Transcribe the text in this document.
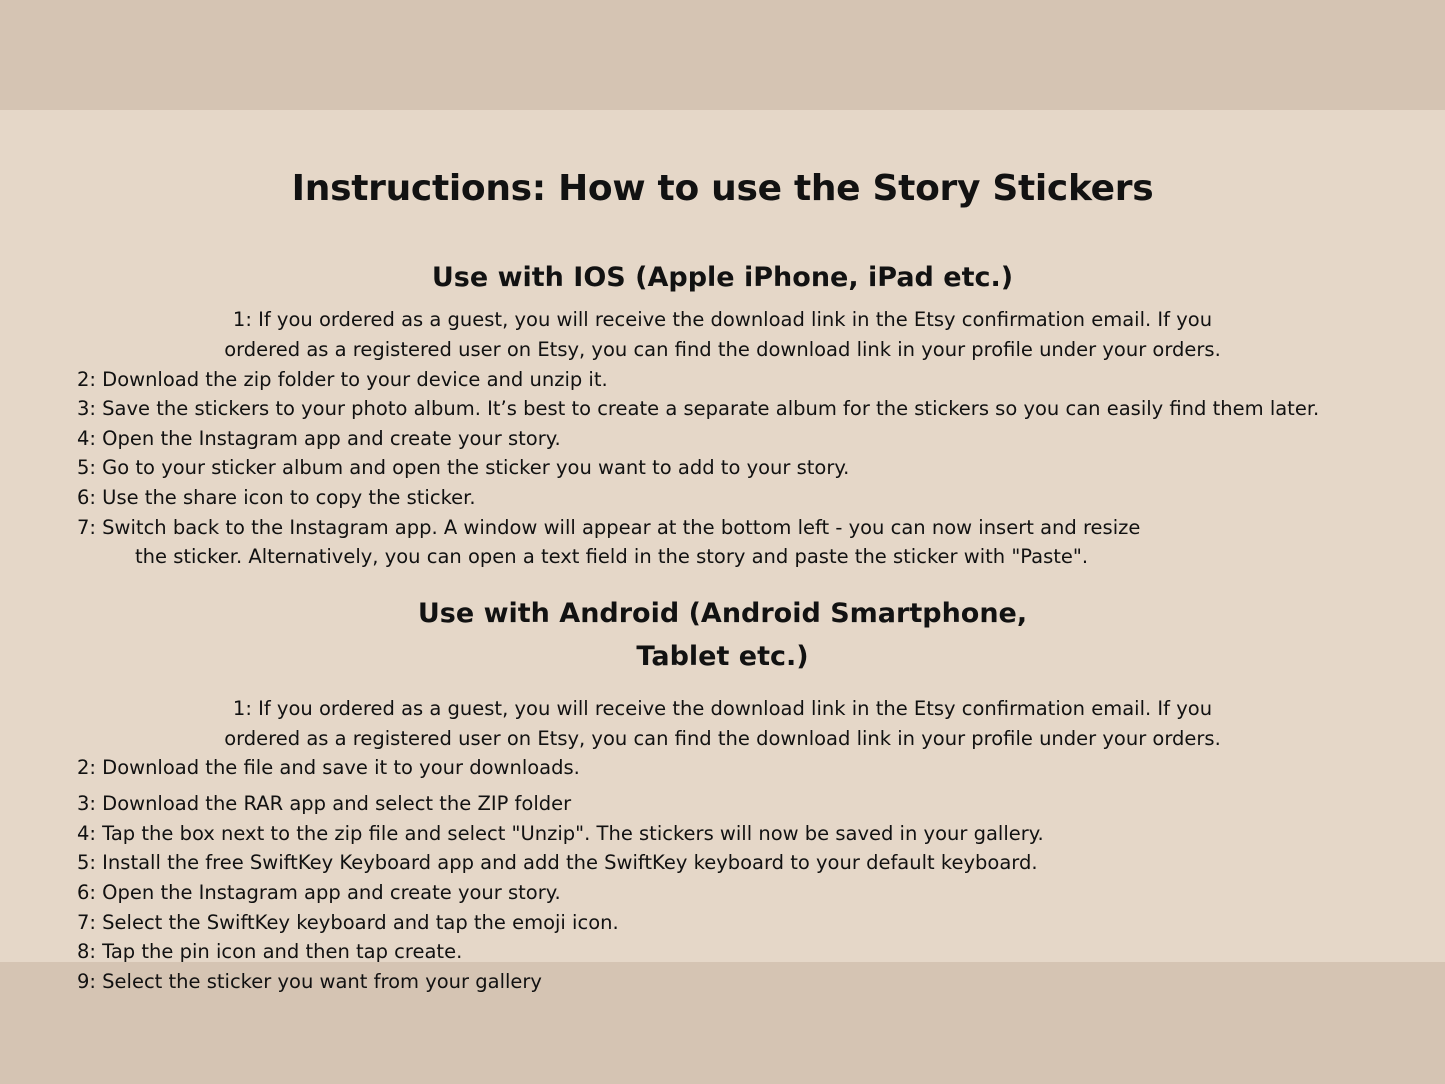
Instructions: How to use the Story Stickers
Use with IOS (Apple iPhone, iPad etc.)

1: If you ordered as a guest, you will receive the download link in the Etsy confirmation email. If you
ordered as a registered user on Etsy, you can find the download link in your profile under your orders.

2: Download the zip folder to your device and unzip it.

3: Save the stickers to your photo album. It’s best to create a separate album for the stickers so you can easily find them later.

4: Open the Instagram app and create your story.

5: Go to your sticker album and open the sticker you want to add to your story.

6: Use the share icon to copy the sticker.

7: Switch back to the Instagram app. A window will appear at the bottom left - you can now insert and resize
the sticker. Alternatively, you can open a text field in the story and paste the sticker with "Paste".

Use with Android (Android Smartphone,
Tablet etc.)

1: If you ordered as a guest, you will receive the download link in the Etsy confirmation email. If you
ordered as a registered user on Etsy, you can find the download link in your profile under your orders.

2: Download the file and save it to your downloads.

3: Download the RAR app and select the ZIP folder

4: Tap the box next to the zip file and select "Unzip". The stickers will now be saved in your gallery.

5: Install the free SwiftKey Keyboard app and add the SwiftKey keyboard to your default keyboard.

6: Open the Instagram app and create your story.

7: Select the SwiftKey keyboard and tap the emoji icon.

8: Tap the pin icon and then tap create.

9: Select the sticker you want from your gallery
